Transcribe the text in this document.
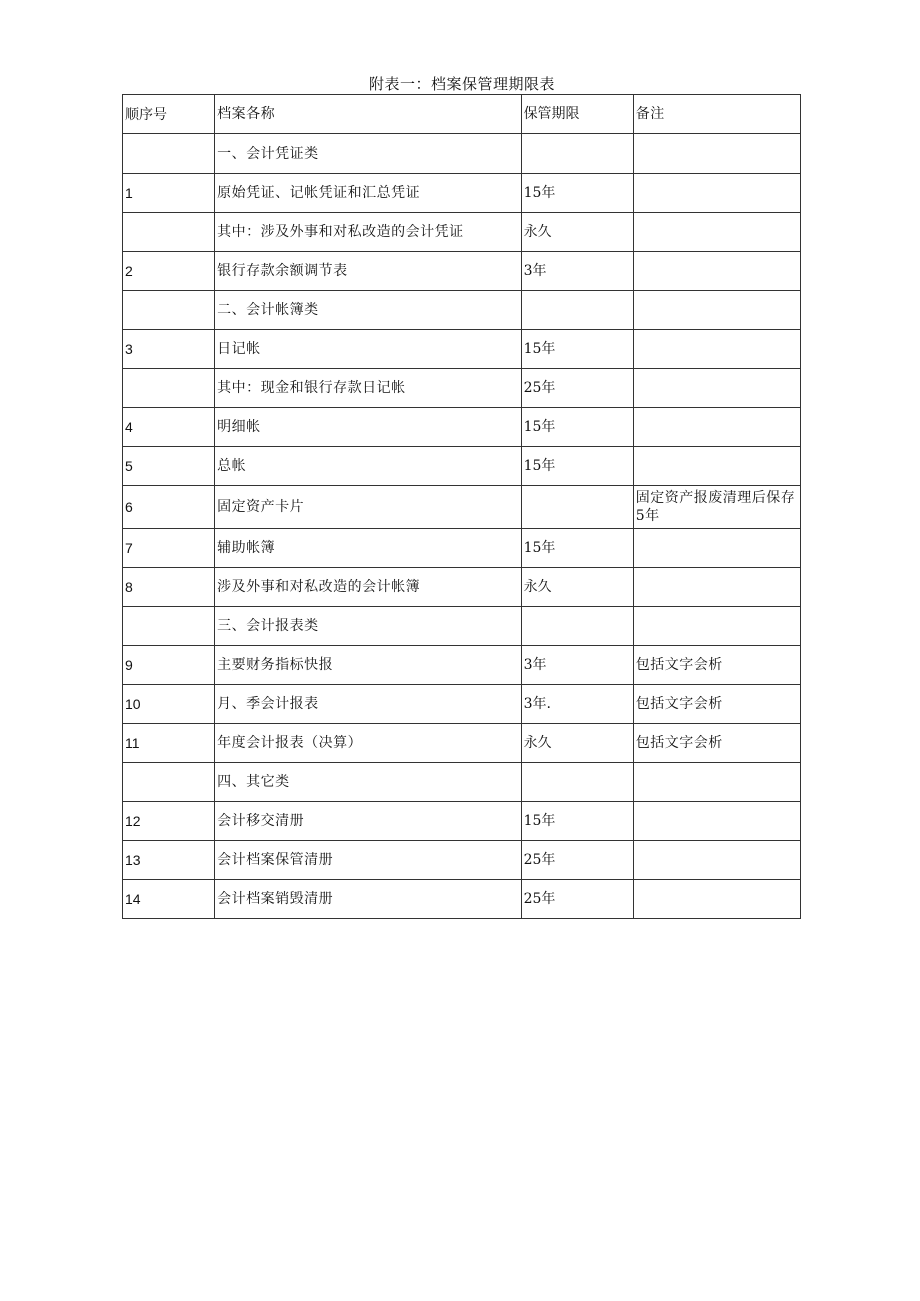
附表一：档案保管理期限表
顺序号	档案各称	保管期限	备注
	一、会计凭证类		
1	原始凭证、记帐凭证和汇总凭证	15年	
	其中：涉及外事和对私改造的会计凭证	永久	
2	银行存款余额调节表	3年	
	二、会计帐簿类		
3	日记帐	15年	
	其中：现金和银行存款日记帐	25年	
4	明细帐	15年	
5	总帐	15年	
6	固定资产卡片		固定资产报废清理后保存5年
7	辅助帐簿	15年	
8	涉及外事和对私改造的会计帐簿	永久	
	三、会计报表类		
9	主要财务指标快报	3年	包括文字会析
10	月、季会计报表	3年.	包括文字会析
11	年度会计报表（决算）	永久	包括文字会析
	四、其它类		
12	会计移交清册	15年	
13	会计档案保管清册	25年	
14	会计档案销毁清册	25年	
